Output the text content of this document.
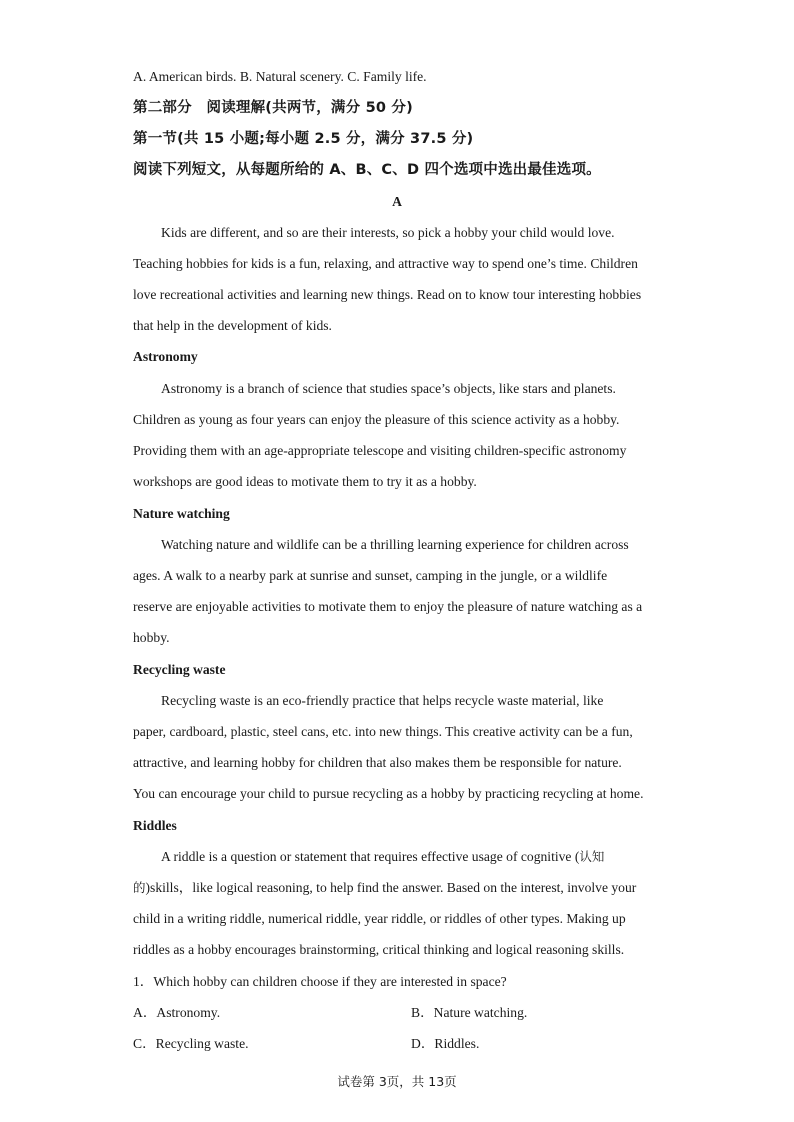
A. American birds. B. Natural scenery. C. Family life.
第二部分　阅读理解(共两节，满分 50 分)
第一节(共 15 小题;每小题 2.5 分，满分 37.5 分)
阅读下列短文，从每题所给的 A、B、C、D 四个选项中选出最佳选项。
A
Kids are different, and so are their interests, so pick a hobby your child would love.
Teaching hobbies for kids is a fun, relaxing, and attractive way to spend one’s time. Children
love recreational activities and learning new things. Read on to know tour interesting hobbies
that help in the development of kids.
Astronomy
Astronomy is a branch of science that studies space’s objects, like stars and planets.
Children as young as four years can enjoy the pleasure of this science activity as a hobby.
Providing them with an age-appropriate telescope and visiting children-specific astronomy
workshops are good ideas to motivate them to try it as a hobby.
Nature watching
Watching nature and wildlife can be a thrilling learning experience for children across
ages. A walk to a nearby park at sunrise and sunset, camping in the jungle, or a wildlife
reserve are enjoyable activities to motivate them to enjoy the pleasure of nature watching as a
hobby.
Recycling waste
Recycling waste is an eco-friendly practice that helps recycle waste material, like
paper, cardboard, plastic, steel cans, etc. into new things. This creative activity can be a fun,
attractive, and learning hobby for children that also makes them be responsible for nature.
You can encourage your child to pursue recycling as a hobby by practicing recycling at home.
Riddles
A riddle is a question or statement that requires effective usage of cognitive (认知
的)skills，like logical reasoning, to help find the answer. Based on the interest, involve your
child in a writing riddle, numerical riddle, year riddle, or riddles of other types. Making up
riddles as a hobby encourages brainstorming, critical thinking and logical reasoning skills.
1．Which hobby can children choose if they are interested in space?
A．Astronomy.	B．Nature watching.
C．Recycling waste.	D．Riddles.
试卷第 3页，共 13页
